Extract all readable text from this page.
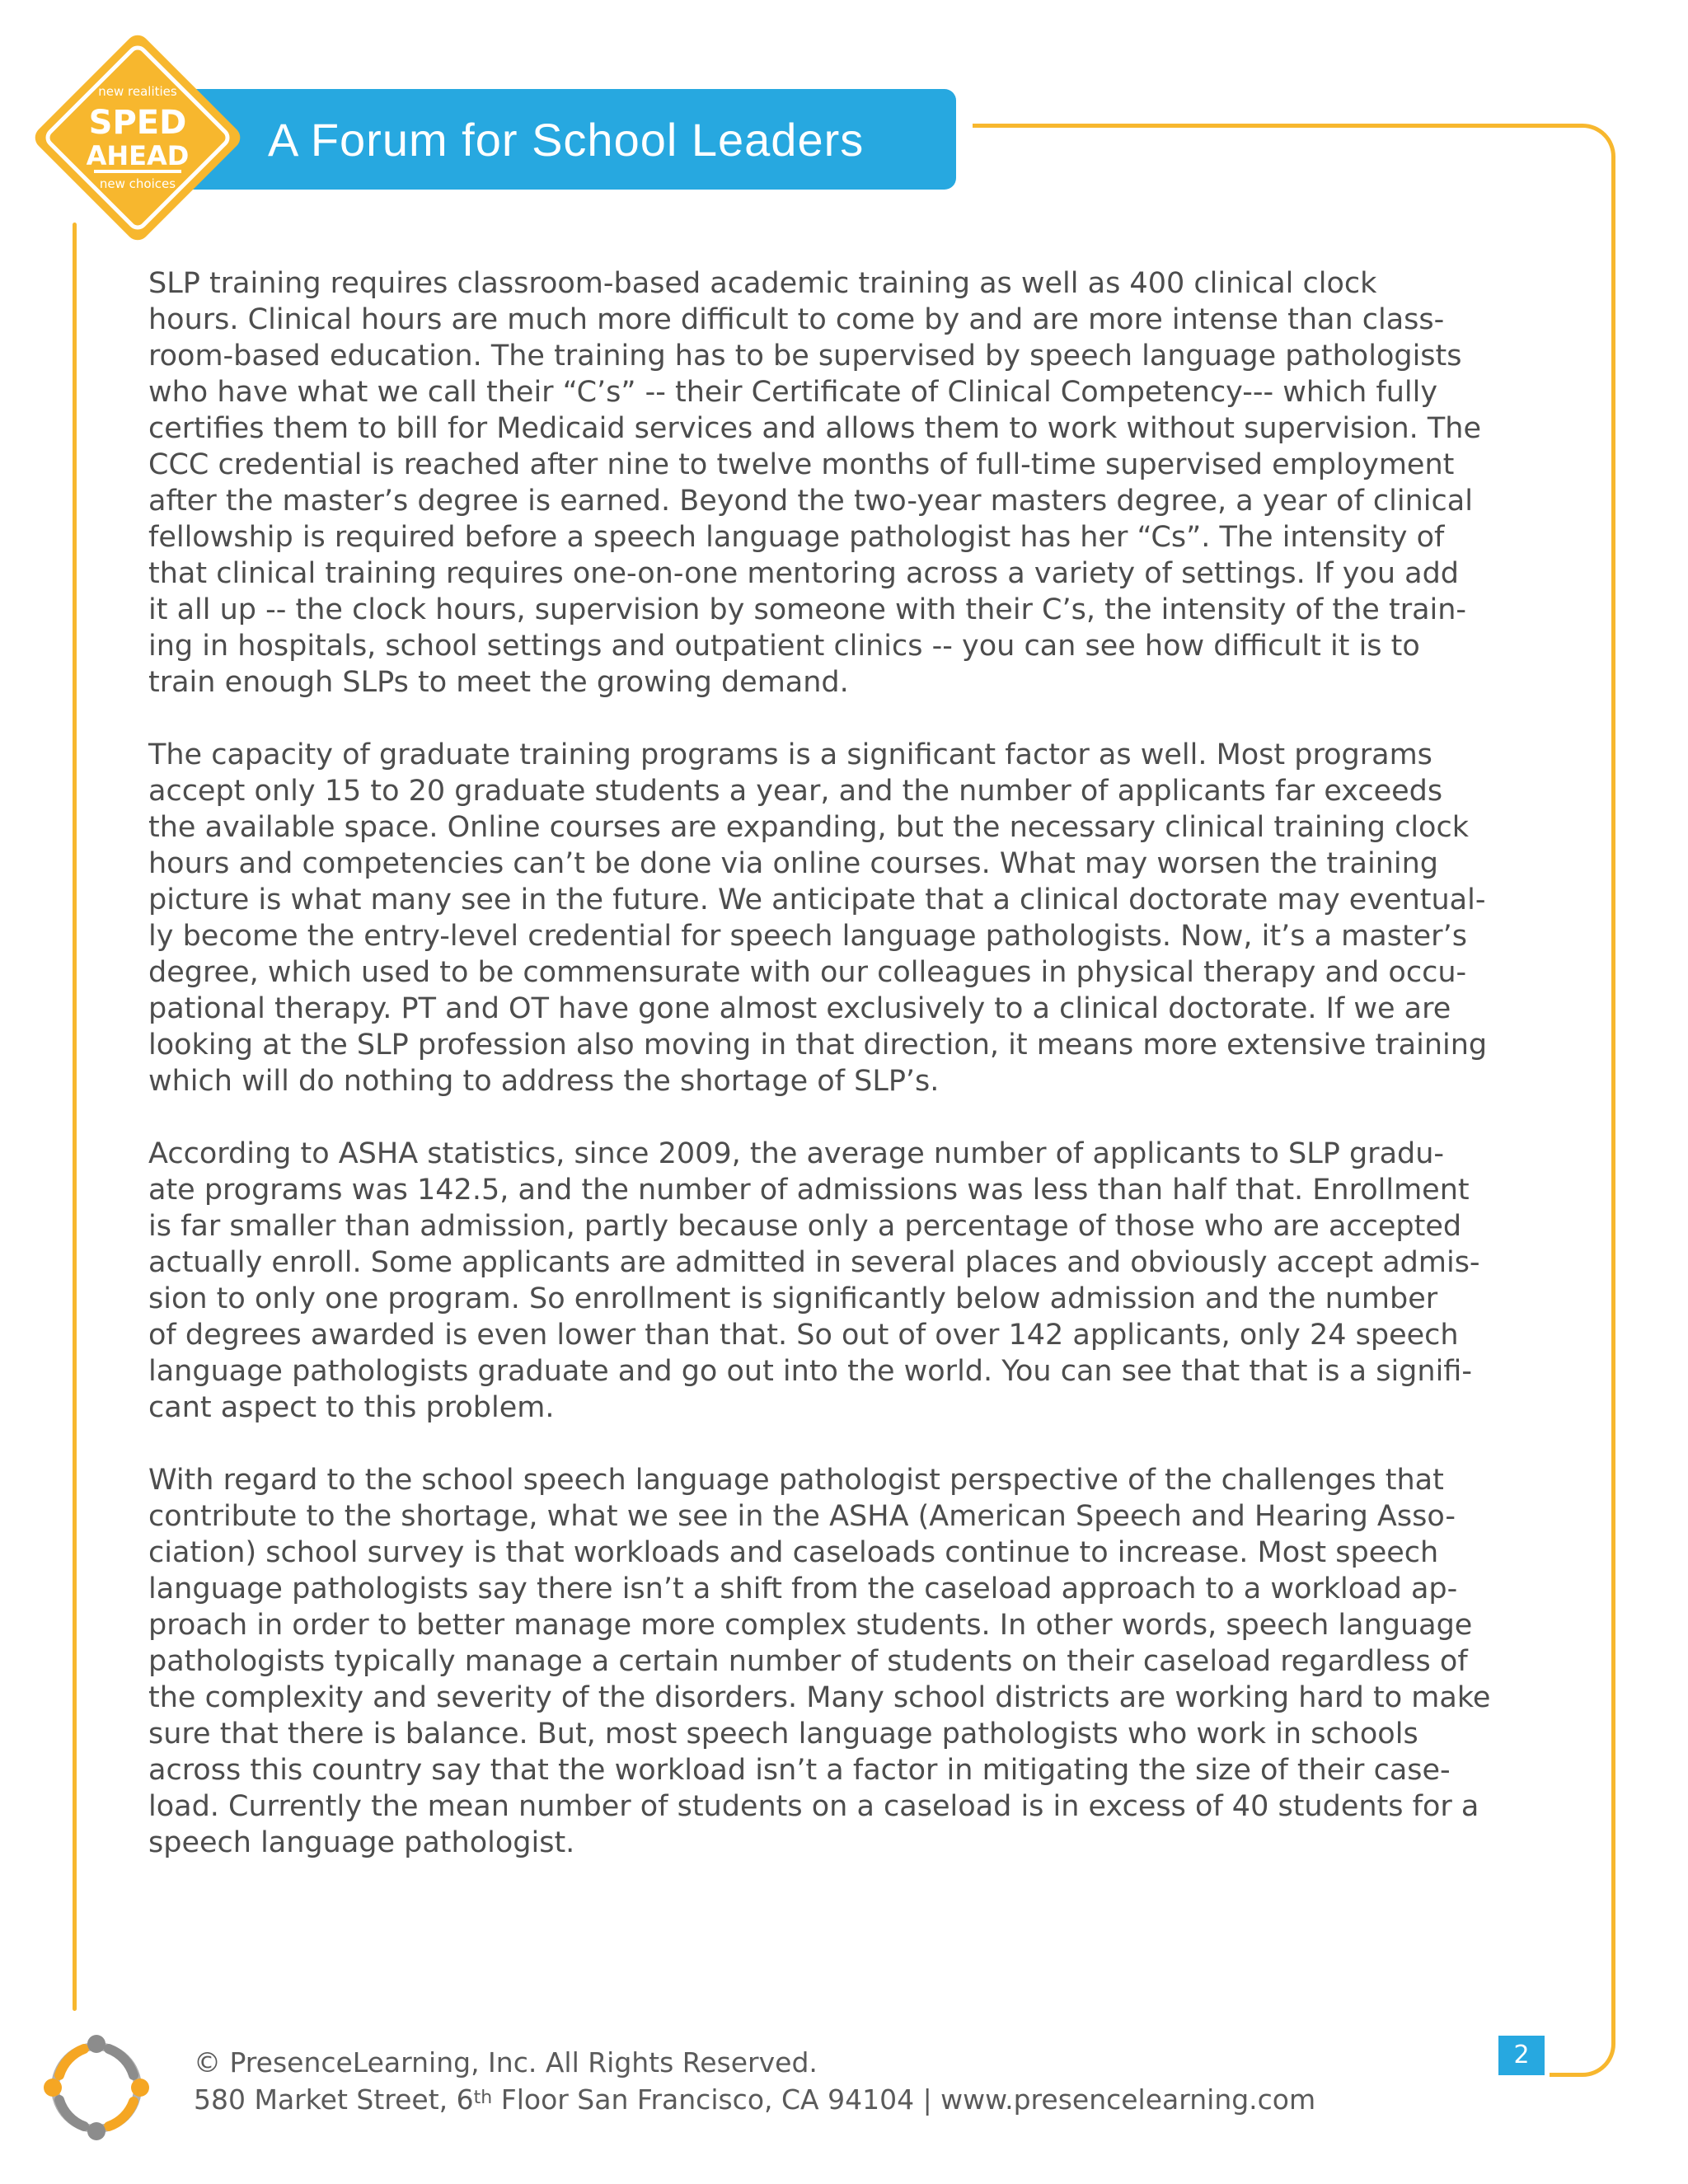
A Forum for School Leaders
new realities
SPED
AHEAD
new choices

SLP training requires classroom-based academic training as well as 400 clinical clock
hours. Clinical hours are much more difficult to come by and are more intense than class-
room-based education. The training has to be supervised by speech language pathologists
who have what we call their “C’s” -- their Certificate of Clinical Competency--- which fully
certifies them to bill for Medicaid services and allows them to work without supervision. The
CCC credential is reached after nine to twelve months of full-time supervised employment
after the master’s degree is earned. Beyond the two-year masters degree, a year of clinical
fellowship is required before a speech language pathologist has her “Cs”. The intensity of
that clinical training requires one-on-one mentoring across a variety of settings. If you add
it all up -- the clock hours, supervision by someone with their C’s, the intensity of the train-
ing in hospitals, school settings and outpatient clinics -- you can see how difficult it is to
train enough SLPs to meet the growing demand.

The capacity of graduate training programs is a significant factor as well. Most programs
accept only 15 to 20 graduate students a year, and the number of applicants far exceeds
the available space. Online courses are expanding, but the necessary clinical training clock
hours and competencies can’t be done via online courses. What may worsen the training
picture is what many see in the future. We anticipate that a clinical doctorate may eventual-
ly become the entry-level credential for speech language pathologists. Now, it’s a master’s
degree, which used to be commensurate with our colleagues in physical therapy and occu-
pational therapy. PT and OT have gone almost exclusively to a clinical doctorate. If we are
looking at the SLP profession also moving in that direction, it means more extensive training
which will do nothing to address the shortage of SLP’s.

According to ASHA statistics, since 2009, the average number of applicants to SLP gradu-
ate programs was 142.5, and the number of admissions was less than half that. Enrollment
is far smaller than admission, partly because only a percentage of those who are accepted
actually enroll. Some applicants are admitted in several places and obviously accept admis-
sion to only one program. So enrollment is significantly below admission and the number
of degrees awarded is even lower than that. So out of over 142 applicants, only 24 speech
language pathologists graduate and go out into the world. You can see that that is a signifi-
cant aspect to this problem.

With regard to the school speech language pathologist perspective of the challenges that
contribute to the shortage, what we see in the ASHA (American Speech and Hearing Asso-
ciation) school survey is that workloads and caseloads continue to increase. Most speech
language pathologists say there isn’t a shift from the caseload approach to a workload ap-
proach in order to better manage more complex students. In other words, speech language
pathologists typically manage a certain number of students on their caseload regardless of
the complexity and severity of the disorders. Many school districts are working hard to make
sure that there is balance. But, most speech language pathologists who work in schools
across this country say that the workload isn’t a factor in mitigating the size of their case-
load. Currently the mean number of students on a caseload is in excess of 40 students for a
speech language pathologist.

© PresenceLearning, Inc. All Rights Reserved.
580 Market Street, 6th Floor San Francisco, CA 94104 | www.presencelearning.com
2
